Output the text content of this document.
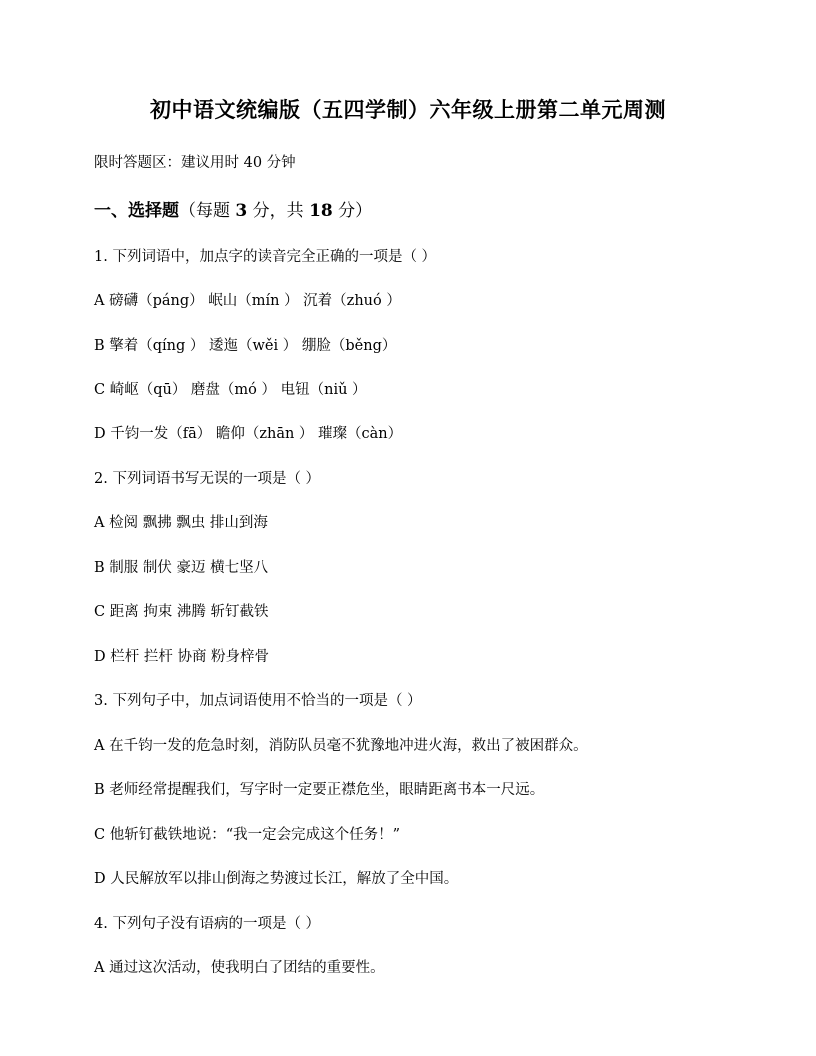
初中语文统编版（五四学制）六年级上册第二单元周测
限时答题区：建议用时 40 分钟
一、选择题（每题 3 分，共 18 分）
1. 下列词语中，加点字的读音完全正确的一项是（ ）
A 磅礴（páng） 岷山（mín ） 沉着（zhuó ）
B 擎着（qíng ） 逶迤（wěi ） 绷脸（běng）
C 崎岖（qū） 磨盘（mó ） 电钮（niǔ ）
D 千钧一发（fā） 瞻仰（zhān ） 璀璨（càn）
2. 下列词语书写无误的一项是（ ）
A 检阅 飘拂 飘虫 排山到海
B 制服 制伏 豪迈 横七坚八
C 距离 拘束 沸腾 斩钉截铁
D 栏杆 拦杆 协商 粉身梓骨
3. 下列句子中，加点词语使用不恰当的一项是（ ）
A 在千钧一发的危急时刻，消防队员毫不犹豫地冲进火海，救出了被困群众。
B 老师经常提醒我们，写字时一定要正襟危坐，眼睛距离书本一尺远。
C 他斩钉截铁地说：“我一定会完成这个任务！”
D 人民解放军以排山倒海之势渡过长江，解放了全中国。
4. 下列句子没有语病的一项是（ ）
A 通过这次活动，使我明白了团结的重要性。
